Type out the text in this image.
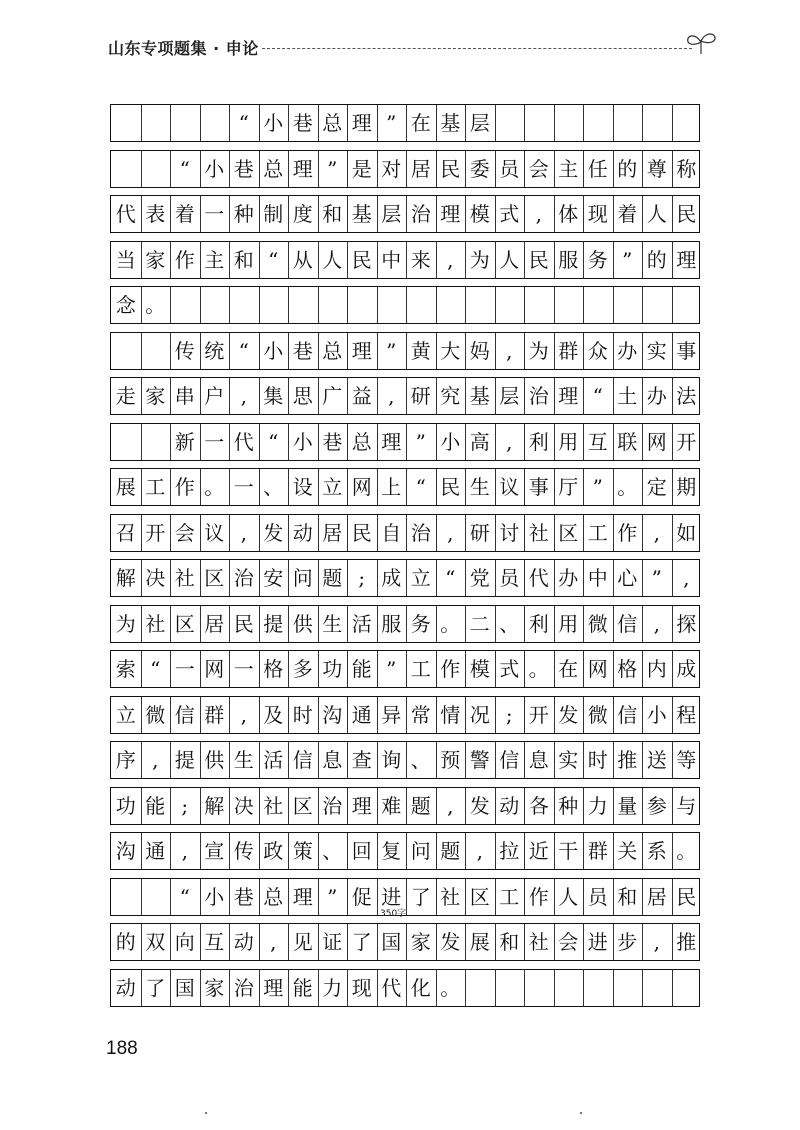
山东专项题集 · 申论
“ 小 巷 总 理 ” 在 基 层
“ 小 巷 总 理 ” 是 对 居 民 委 员 会 主 任 的 尊 称
代 表 着 一 种 制 度 和 基 层 治 理 模 式 , 体 现 着 人 民
当 家 作 主 和 “ 从 人 民 中 来 , 为 人 民 服 务 ” 的 理
念 。
传 统 “ 小 巷 总 理 ” 黄 大 妈 , 为 群 众 办 实 事
走 家 串 户 , 集 思 广 益 , 研 究 基 层 治 理 “ 土 办 法
新 一 代 “ 小 巷 总 理 ” 小 高 , 利 用 互 联 网 开
展 工 作 。 一 、 设 立 网 上 “ 民 生 议 事 厅 ” 。 定 期
召 开 会 议 , 发 动 居 民 自 治 , 研 讨 社 区 工 作 , 如
解 决 社 区 治 安 问 题 ; 成 立 “ 党 员 代 办 中 心 ”	,
为 社 区 居 民 提 供 生 活 服 务 。 二 、 利 用 微 信 , 探
索 “ 一 网 一 格 多 功 能 ” 工 作 模 式 。 在 网 格 内 成
立 微 信 群 , 及 时 沟 通 异 常 情 况 ; 开 发 微 信 小 程
序 , 提 供 生 活 信 息 查 询 、 预 警 信 息 实 时 推 送 等
功 能 ; 解 决 社 区 治 理 难 题 , 发 动 各 种 力 量 参 与
沟 通 , 宣 传 政 策 、 回 复 问 题 , 拉 近 干 群 关 系 。
“ 小 巷 总 理 ” 促 进 了 社 区 工 作 人 员 和 居 民
的 双 向 互 动 , 见 证 了 国 家 发 展 和 社 会 进 步 , 推
动 了 国 家 治 理 能 力 现 代 化 。
350字
188
